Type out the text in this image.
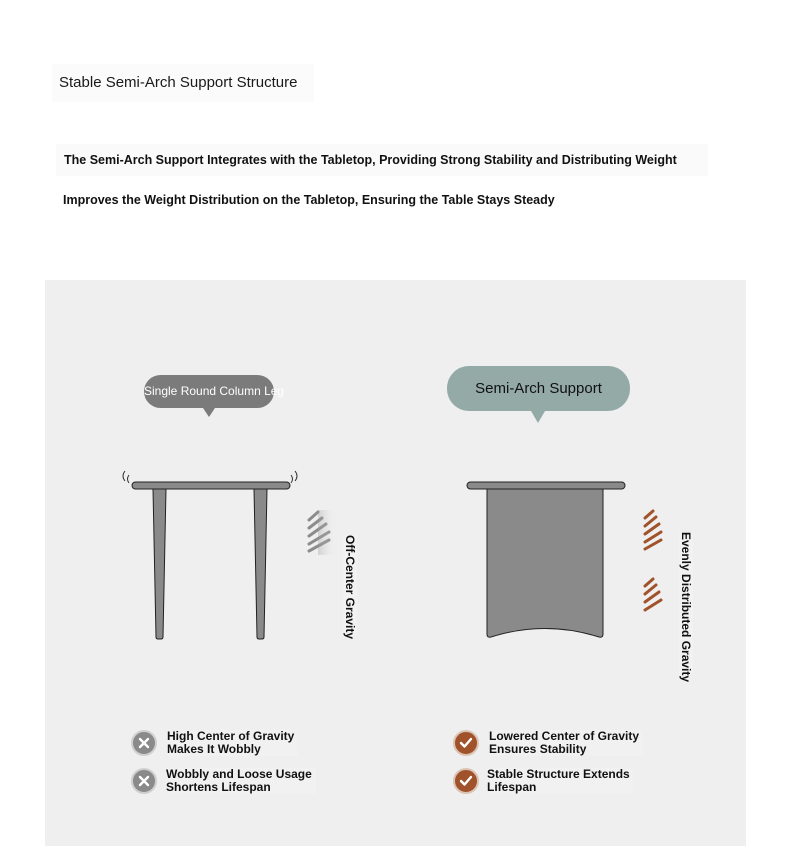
Stable Semi-Arch Support Structure
The Semi-Arch Support Integrates with the Tabletop, Providing Strong Stability and Distributing Weight
Improves the Weight Distribution on the Tabletop, Ensuring the Table Stays Steady
Single Round Column Leg	Semi-Arch Support
Off-Center Gravity	Evenly Distributed Gravity
High Center of Gravity
Makes It Wobbly
Wobbly and Loose Usage
Shortens Lifespan
Lowered Center of Gravity
Ensures Stability
Stable Structure Extends
Lifespan
